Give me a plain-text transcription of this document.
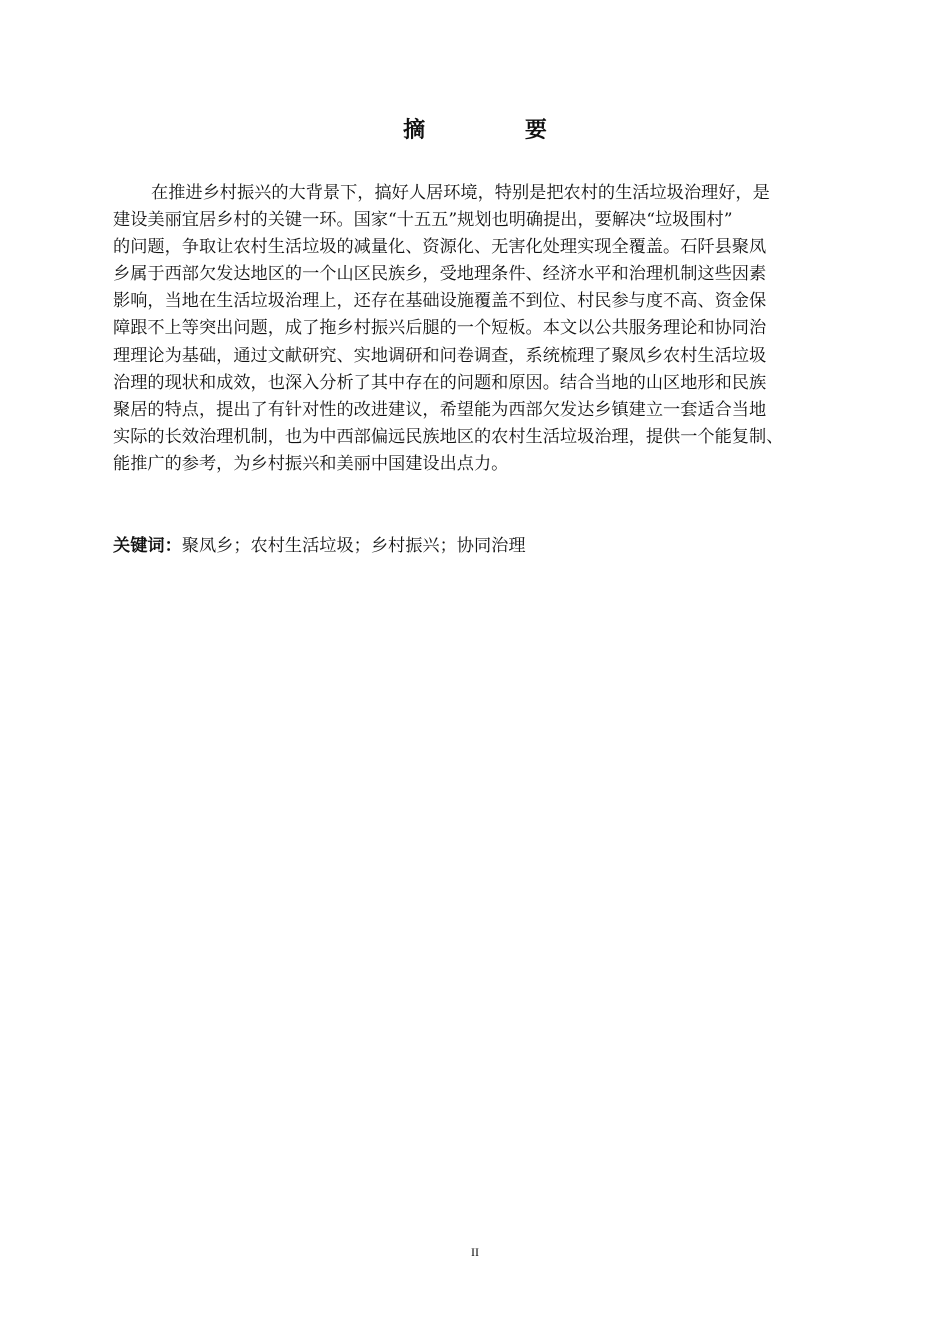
摘 要

在推进乡村振兴的大背景下，搞好人居环境，特别是把农村的生活垃圾治理好，是
建设美丽宜居乡村的关键一环。国家“十五五”规划也明确提出，要解决“垃圾围村”
的问题，争取让农村生活垃圾的减量化、资源化、无害化处理实现全覆盖。石阡县聚凤
乡属于西部欠发达地区的一个山区民族乡，受地理条件、经济水平和治理机制这些因素
影响，当地在生活垃圾治理上，还存在基础设施覆盖不到位、村民参与度不高、资金保
障跟不上等突出问题，成了拖乡村振兴后腿的一个短板。本文以公共服务理论和协同治
理理论为基础，通过文献研究、实地调研和问卷调查，系统梳理了聚凤乡农村生活垃圾
治理的现状和成效，也深入分析了其中存在的问题和原因。结合当地的山区地形和民族
聚居的特点，提出了有针对性的改进建议，希望能为西部欠发达乡镇建立一套适合当地
实际的长效治理机制，也为中西部偏远民族地区的农村生活垃圾治理，提供一个能复制、
能推广的参考，为乡村振兴和美丽中国建设出点力。

关键词：聚凤乡；农村生活垃圾；乡村振兴；协同治理
II
